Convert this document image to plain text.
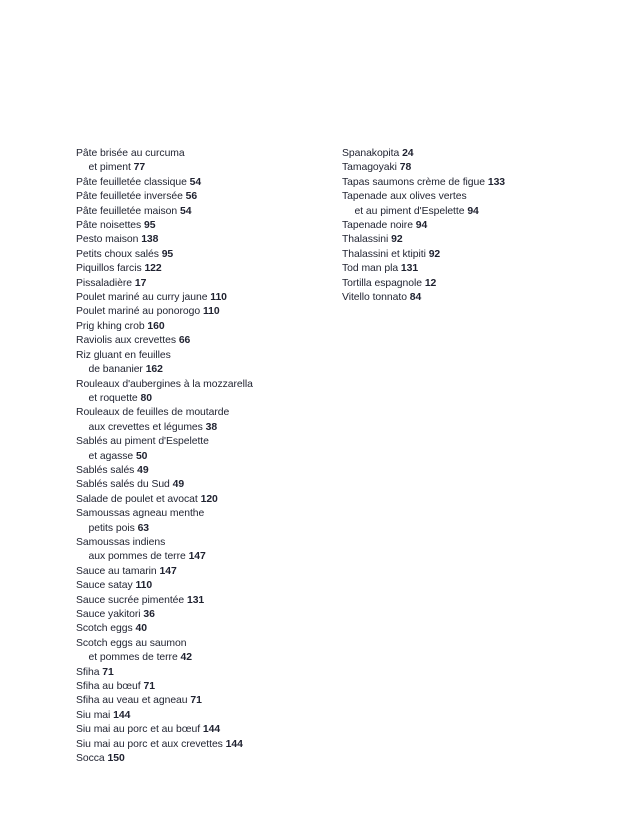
Pâte brisée au curcuma
et piment 77
Pâte feuilletée classique 54
Pâte feuilletée inversée 56
Pâte feuilletée maison 54
Pâte noisettes 95
Pesto maison 138
Petits choux salés 95
Piquillos farcis 122
Pissaladière 17
Poulet mariné au curry jaune 110
Poulet mariné au ponorogo 110
Prig khing crob 160
Raviolis aux crevettes 66
Riz gluant en feuilles
de bananier 162
Rouleaux d'aubergines à la mozzarella
et roquette 80
Rouleaux de feuilles de moutarde
aux crevettes et légumes 38
Sablés au piment d'Espelette
et agasse 50
Sablés salés 49
Sablés salés du Sud 49
Salade de poulet et avocat 120
Samoussas agneau menthe
petits pois 63
Samoussas indiens
aux pommes de terre 147
Sauce au tamarin 147
Sauce satay 110
Sauce sucrée pimentée 131
Sauce yakitori 36
Scotch eggs 40
Scotch eggs au saumon
et pommes de terre 42
Sfiha 71
Sfiha au bœuf 71
Sfiha au veau et agneau 71
Siu mai 144
Siu mai au porc et au bœuf 144
Siu mai au porc et aux crevettes 144
Socca 150
Spanakopita 24
Tamagoyaki 78
Tapas saumons crème de figue 133
Tapenade aux olives vertes
et au piment d'Espelette 94
Tapenade noire 94
Thalassini 92
Thalassini et ktipiti 92
Tod man pla 131
Tortilla espagnole 12
Vitello tonnato 84
